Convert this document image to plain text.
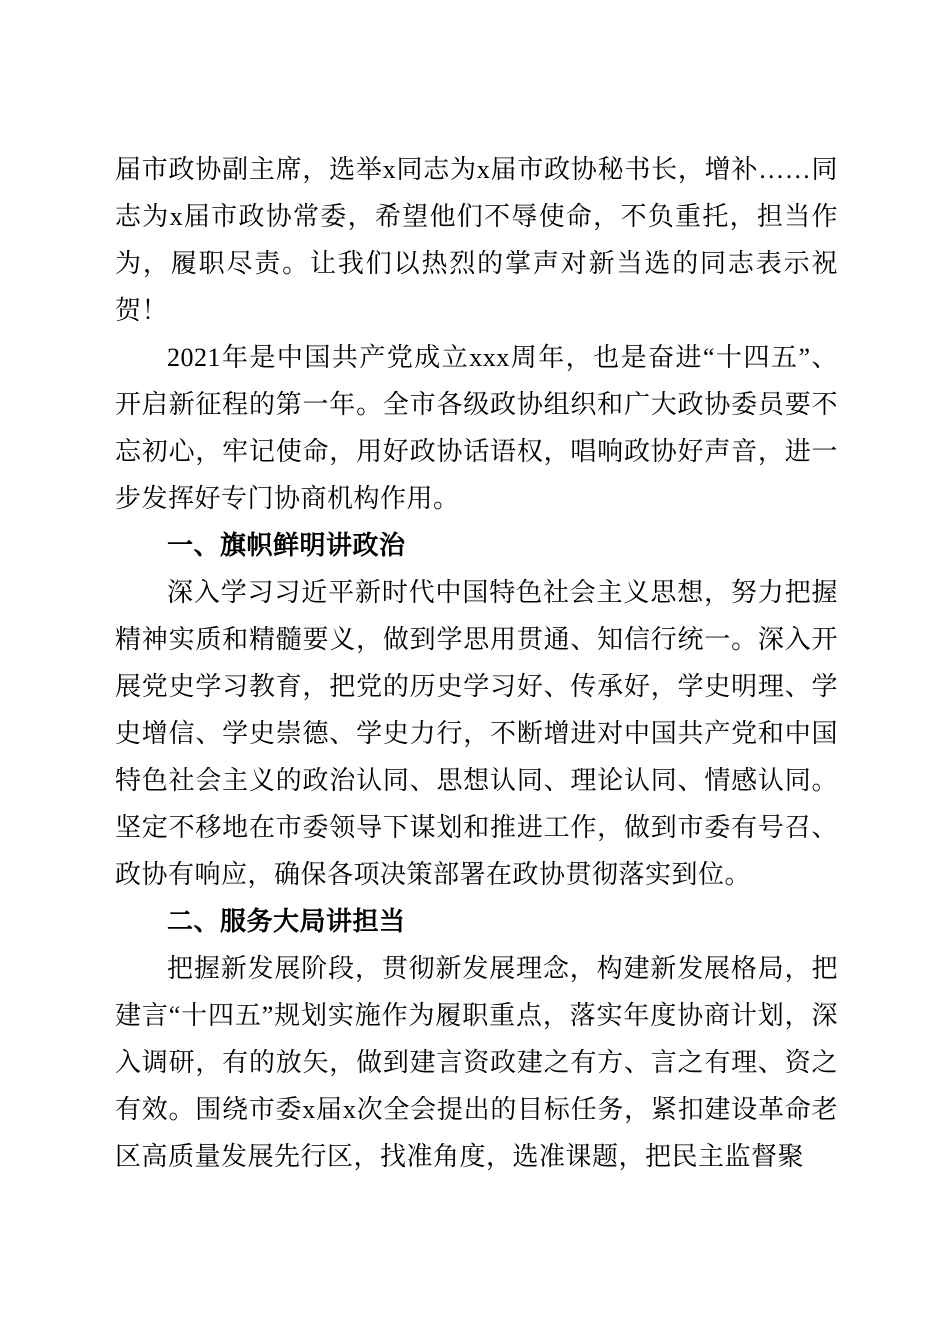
届市政协副主席，选举x同志为x届市政协秘书长，增补……同志为x届市政协常委，希望他们不辱使命，不负重托，担当作为，履职尽责。让我们以热烈的掌声对新当选的同志表示祝贺！

2021年是中国共产党成立xxx周年，也是奋进“十四五”、开启新征程的第一年。全市各级政协组织和广大政协委员要不忘初心，牢记使命，用好政协话语权，唱响政协好声音，进一步发挥好专门协商机构作用。

一、旗帜鲜明讲政治

深入学习习近平新时代中国特色社会主义思想，努力把握精神实质和精髓要义，做到学思用贯通、知信行统一。深入开展党史学习教育，把党的历史学习好、传承好，学史明理、学史增信、学史崇德、学史力行，不断增进对中国共产党和中国特色社会主义的政治认同、思想认同、理论认同、情感认同。坚定不移地在市委领导下谋划和推进工作，做到市委有号召、政协有响应，确保各项决策部署在政协贯彻落实到位。

二、服务大局讲担当

把握新发展阶段，贯彻新发展理念，构建新发展格局，把建言“十四五”规划实施作为履职重点，落实年度协商计划，深入调研，有的放矢，做到建言资政建之有方、言之有理、资之有效。围绕市委x届x次全会提出的目标任务，紧扣建设革命老区高质量发展先行区，找准角度，选准课题，把民主监督聚
